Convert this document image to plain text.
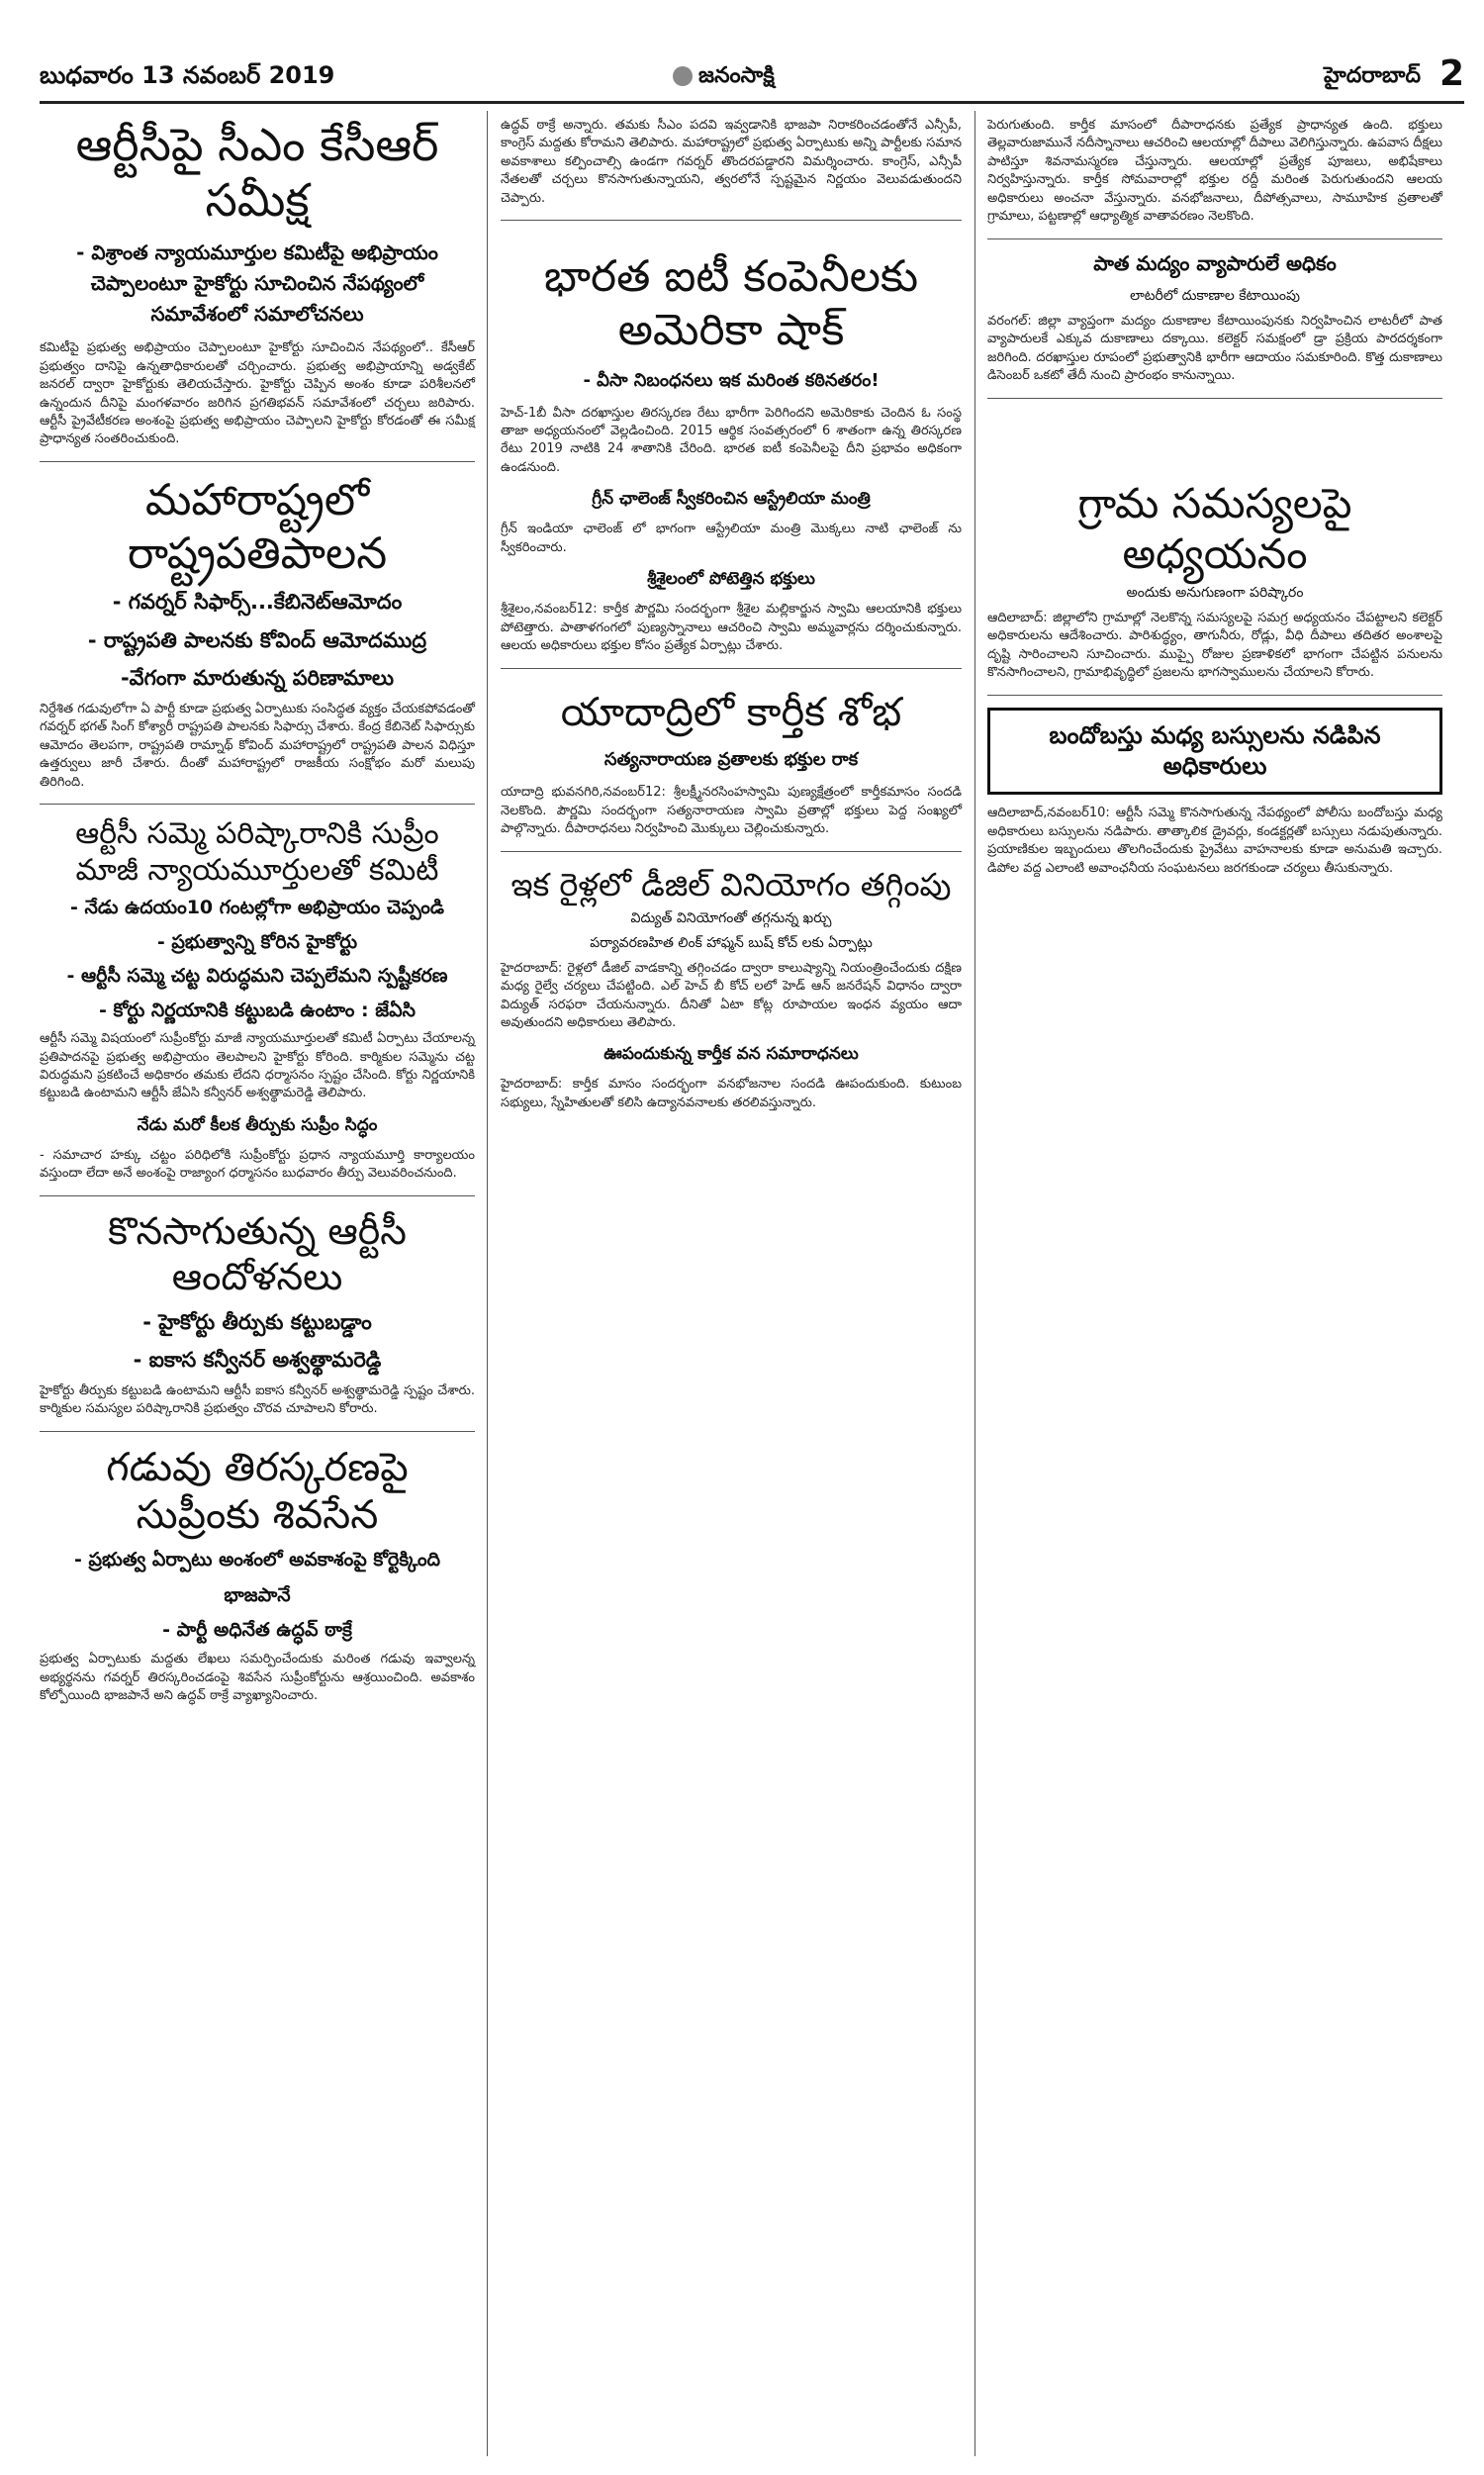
బుధవారం 13 నవంబర్ 2019	జనంసాక్షి	హైదరాబాద్ 2
ఆర్టీసీపై సీఎం కేసీఆర్ సమీక్ష
- విశ్రాంత న్యాయమూర్తుల కమిటీపై అభిప్రాయం చెప్పాలంటూ హైకోర్టు సూచించిన నేపథ్యంలో సమావేశంలో సమాలోచనలు
కమిటీపై ప్రభుత్వ అభిప్రాయం చెప్పాలంటూ హైకోర్టు సూచించిన నేపథ్యంలో.. కేసీఆర్ ప్రభుత్వం దానిపై ఉన్నతాధికారులతో చర్చించారు. ప్రభుత్వ అభిప్రాయాన్ని అడ్వకేట్ జనరల్ ద్వారా హైకోర్టుకు తెలియచేస్తారు. హైకోర్టు చెప్పిన అంశం కూడా పరిశీలనలో ఉన్నందున దీనిపై మంగళవారం జరిగిన ప్రగతిభవన్ సమావేశంలో చర్చలు జరిపారు. ఆర్టీసీ ప్రైవేటీకరణ అంశంపై ప్రభుత్వ అభిప్రాయం చెప్పాలని హైకోర్టు కోరడంతో ఈ సమీక్ష ప్రాధాన్యత సంతరించుకుంది.
మహారాష్ట్రలో రాష్ట్రపతిపాలన
- గవర్నర్ సిఫార్స్...కేబినెట్ఆమోదం
- రాష్ట్రపతి పాలనకు కోవింద్ ఆమోదముద్ర
-వేగంగా మారుతున్న పరిణామాలు
నిర్దేశిత గడువులోగా ఏ పార్టీ కూడా ప్రభుత్వ ఏర్పాటుకు సంసిద్ధత వ్యక్తం చేయకపోవడంతో గవర్నర్ భగత్ సింగ్ కోశ్యారీ రాష్ట్రపతి పాలనకు సిఫార్సు చేశారు. కేంద్ర కేబినెట్ సిఫార్సుకు ఆమోదం తెలపగా, రాష్ట్రపతి రామ్నాథ్ కోవింద్ మహారాష్ట్రలో రాష్ట్రపతి పాలన విధిస్తూ ఉత్తర్వులు జారీ చేశారు. దీంతో మహారాష్ట్రలో రాజకీయ సంక్షోభం మరో మలుపు తిరిగింది.
ఆర్టీసీ సమ్మె పరిష్కారానికి సుప్రీం మాజీ న్యాయమూర్తులతో కమిటీ
- నేడు ఉదయం10 గంటల్లోగా అభిప్రాయం చెప్పండి
- ప్రభుత్వాన్ని కోరిన హైకోర్టు
- ఆర్టీసీ సమ్మె చట్ట విరుద్ధమని చెప్పలేమని స్పష్టీకరణ
- కోర్టు నిర్ణయానికి కట్టుబడి ఉంటాం : జేఏసి
ఆర్టీసీ సమ్మె విషయంలో సుప్రీంకోర్టు మాజీ న్యాయమూర్తులతో కమిటీ ఏర్పాటు చేయాలన్న ప్రతిపాదనపై ప్రభుత్వ అభిప్రాయం తెలపాలని హైకోర్టు కోరింది. కార్మికుల సమ్మెను చట్ట విరుద్ధమని ప్రకటించే అధికారం తమకు లేదని ధర్మాసనం స్పష్టం చేసింది. కోర్టు నిర్ణయానికి కట్టుబడి ఉంటామని ఆర్టీసీ జేఏసి కన్వీనర్ అశ్వత్థామరెడ్డి తెలిపారు.
నేడు మరో కీలక తీర్పుకు సుప్రీం సిద్ధం
- సమాచార హక్కు చట్టం పరిధిలోకి సుప్రీంకోర్టు ప్రధాన న్యాయమూర్తి కార్యాలయం వస్తుందా లేదా అనే అంశంపై రాజ్యాంగ ధర్మాసనం బుధవారం తీర్పు వెలువరించనుంది.
కొనసాగుతున్న ఆర్టీసీ ఆందోళనలు
- హైకోర్టు తీర్పుకు కట్టుబడ్డాం
- ఐకాస కన్వీనర్ అశ్వత్థామరెడ్డి
హైకోర్టు తీర్పుకు కట్టుబడి ఉంటామని ఆర్టీసీ ఐకాస కన్వీనర్ అశ్వత్థామరెడ్డి స్పష్టం చేశారు. కార్మికుల సమస్యల పరిష్కారానికి ప్రభుత్వం చొరవ చూపాలని కోరారు.
గడువు తిరస్కరణపై సుప్రీంకు శివసేన
- ప్రభుత్వ ఏర్పాటు అంశంలో అవకాశంపై కోర్టెక్కింది
భాజపానే
- పార్టీ అధినేత ఉద్ధవ్ ఠాక్రే
ప్రభుత్వ ఏర్పాటుకు మద్దతు లేఖలు సమర్పించేందుకు మరింత గడువు ఇవ్వాలన్న అభ్యర్థనను గవర్నర్ తిరస్కరించడంపై శివసేన సుప్రీంకోర్టును ఆశ్రయించింది. అవకాశం కోల్పోయింది భాజపానే అని ఉద్ధవ్ ఠాక్రే వ్యాఖ్యానించారు.
ఉద్ధవ్ ఠాక్రే అన్నారు. తమకు సీఎం పదవి ఇవ్వడానికి భాజపా నిరాకరించడంతోనే ఎన్సీపీ, కాంగ్రెస్ మద్దతు కోరామని తెలిపారు. మహారాష్ట్రలో ప్రభుత్వ ఏర్పాటుకు అన్ని పార్టీలకు సమాన అవకాశాలు కల్పించాల్సి ఉండగా గవర్నర్ తొందరపడ్డారని విమర్శించారు. కాంగ్రెస్, ఎన్సీపీ నేతలతో చర్చలు కొనసాగుతున్నాయని, త్వరలోనే స్పష్టమైన నిర్ణయం వెలువడుతుందని చెప్పారు.
భారత ఐటీ కంపెనీలకు అమెరికా షాక్
- వీసా నిబంధనలు ఇక మరింత కఠినతరం!
హెచ్-1బీ వీసా దరఖాస్తుల తిరస్కరణ రేటు భారీగా పెరిగిందని అమెరికాకు చెందిన ఓ సంస్థ తాజా అధ్యయనంలో వెల్లడించింది. 2015 ఆర్థిక సంవత్సరంలో 6 శాతంగా ఉన్న తిరస్కరణ రేటు 2019 నాటికి 24 శాతానికి చేరింది. భారత ఐటీ కంపెనీలపై దీని ప్రభావం అధికంగా ఉండనుంది.
గ్రీన్ ఛాలెంజ్ స్వీకరించిన ఆస్ట్రేలియా మంత్రి
గ్రీన్ ఇండియా ఛాలెంజ్ లో భాగంగా ఆస్ట్రేలియా మంత్రి మొక్కలు నాటి ఛాలెంజ్ ను స్వీకరించారు.
శ్రీశైలంలో పోటెత్తిన భక్తులు
శ్రీశైలం,నవంబర్12: కార్తీక పౌర్ణమి సందర్భంగా శ్రీశైల మల్లికార్జున స్వామి ఆలయానికి భక్తులు పోటెత్తారు. పాతాళగంగలో పుణ్యస్నానాలు ఆచరించి స్వామి అమ్మవార్లను దర్శించుకున్నారు. ఆలయ అధికారులు భక్తుల కోసం ప్రత్యేక ఏర్పాట్లు చేశారు.
యాదాద్రిలో కార్తీక శోభ
సత్యనారాయణ వ్రతాలకు భక్తుల రాక
యాదాద్రి భువనగిరి,నవంబర్12: శ్రీలక్ష్మీనరసింహస్వామి పుణ్యక్షేత్రంలో కార్తీకమాసం సందడి నెలకొంది. పౌర్ణమి సందర్భంగా సత్యనారాయణ స్వామి వ్రతాల్లో భక్తులు పెద్ద సంఖ్యలో పాల్గొన్నారు. దీపారాధనలు నిర్వహించి మొక్కులు చెల్లించుకున్నారు.
ఇక రైళ్లలో డీజిల్ వినియోగం తగ్గింపు
విద్యుత్ వినియోగంతో తగ్గనున్న ఖర్చు
పర్యావరణహిత లింక్ హాఫ్మన్ బుష్ కోచ్ లకు ఏర్పాట్లు
హైదరాబాద్: రైళ్లలో డీజిల్ వాడకాన్ని తగ్గించడం ద్వారా కాలుష్యాన్ని నియంత్రించేందుకు దక్షిణ మధ్య రైల్వే చర్యలు చేపట్టింది. ఎల్ హెచ్ బీ కోచ్ లలో హెడ్ ఆన్ జనరేషన్ విధానం ద్వారా విద్యుత్ సరఫరా చేయనున్నారు. దీనితో ఏటా కోట్ల రూపాయల ఇంధన వ్యయం ఆదా అవుతుందని అధికారులు తెలిపారు.
ఊపందుకున్న కార్తీక వన సమారాధనలు
హైదరాబాద్: కార్తీక మాసం సందర్భంగా వనభోజనాల సందడి ఊపందుకుంది. కుటుంబ సభ్యులు, స్నేహితులతో కలిసి ఉద్యానవనాలకు తరలివస్తున్నారు.
పెరుగుతుంది. కార్తీక మాసంలో దీపారాధనకు ప్రత్యేక ప్రాధాన్యత ఉంది. భక్తులు తెల్లవారుజామునే నదీస్నానాలు ఆచరించి ఆలయాల్లో దీపాలు వెలిగిస్తున్నారు. ఉపవాస దీక్షలు పాటిస్తూ శివనామస్మరణ చేస్తున్నారు. ఆలయాల్లో ప్రత్యేక పూజలు, అభిషేకాలు నిర్వహిస్తున్నారు. కార్తీక సోమవారాల్లో భక్తుల రద్దీ మరింత పెరుగుతుందని ఆలయ అధికారులు అంచనా వేస్తున్నారు. వనభోజనాలు, దీపోత్సవాలు, సామూహిక వ్రతాలతో గ్రామాలు, పట్టణాల్లో ఆధ్యాత్మిక వాతావరణం నెలకొంది.
పాత మద్యం వ్యాపారులే అధికం
లాటరీలో దుకాణాల కేటాయింపు
వరంగల్: జిల్లా వ్యాప్తంగా మద్యం దుకాణాల కేటాయింపునకు నిర్వహించిన లాటరీలో పాత వ్యాపారులకే ఎక్కువ దుకాణాలు దక్కాయి. కలెక్టర్ సమక్షంలో డ్రా ప్రక్రియ పారదర్శకంగా జరిగింది. దరఖాస్తుల రూపంలో ప్రభుత్వానికి భారీగా ఆదాయం సమకూరింది. కొత్త దుకాణాలు డిసెంబర్ ఒకటో తేదీ నుంచి ప్రారంభం కానున్నాయి.
గ్రామ సమస్యలపై అధ్యయనం
అందుకు అనుగుణంగా పరిష్కారం
ఆదిలాబాద్: జిల్లాలోని గ్రామాల్లో నెలకొన్న సమస్యలపై సమగ్ర అధ్యయనం చేపట్టాలని కలెక్టర్ అధికారులను ఆదేశించారు. పారిశుద్ధ్యం, తాగునీరు, రోడ్లు, వీధి దీపాలు తదితర అంశాలపై దృష్టి సారించాలని సూచించారు. ముప్పై రోజుల ప్రణాళికలో భాగంగా చేపట్టిన పనులను కొనసాగించాలని, గ్రామాభివృద్ధిలో ప్రజలను భాగస్వాములను చేయాలని కోరారు.
బందోబస్తు మధ్య బస్సులను నడిపిన అధికారులు
ఆదిలాబాద్,నవంబర్10: ఆర్టీసీ సమ్మె కొనసాగుతున్న నేపథ్యంలో పోలీసు బందోబస్తు మధ్య అధికారులు బస్సులను నడిపారు. తాత్కాలిక డ్రైవర్లు, కండక్టర్లతో బస్సులు నడుపుతున్నారు. ప్రయాణికుల ఇబ్బందులు తొలగించేందుకు ప్రైవేటు వాహనాలకు కూడా అనుమతి ఇచ్చారు. డిపోల వద్ద ఎలాంటి అవాంఛనీయ సంఘటనలు జరగకుండా చర్యలు తీసుకున్నారు.
